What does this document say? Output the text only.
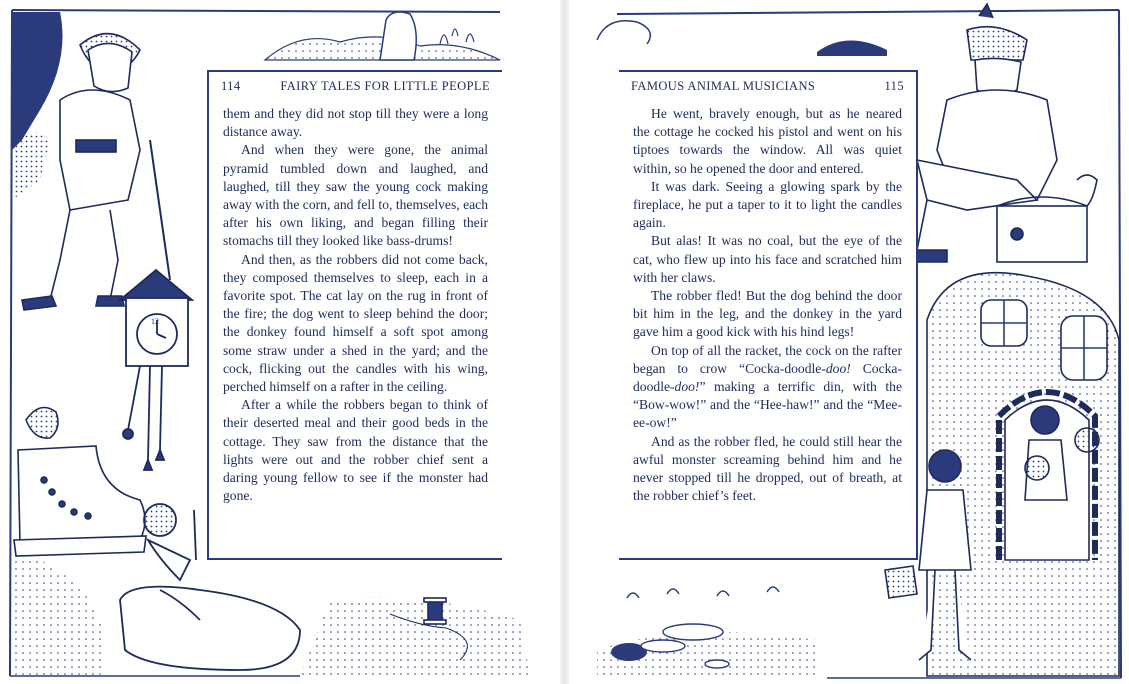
12
114	FAIRY TALES FOR LITTLE PEOPLE

them and they did not stop till they were a long distance away.

And when they were gone, the animal pyramid tumbled down and laughed, and laughed, till they saw the young cock making away with the corn, and fell to, themselves, each after his own liking, and began filling their stomachs till they looked like bass-drums!

And then, as the robbers did not come back, they composed themselves to sleep, each in a favorite spot. The cat lay on the rug in front of the fire; the dog went to sleep behind the door; the donkey found himself a soft spot among some straw under a shed in the yard; and the cock, flicking out the candles with his wing, perched himself on a rafter in the ceiling.

After a while the robbers began to think of their deserted meal and their good beds in the cottage. They saw from the distance that the lights were out and the robber chief sent a daring young fellow to see if the monster had gone.

FAMOUS ANIMAL MUSICIANS	115

He went, bravely enough, but as he neared the cottage he cocked his pistol and went on his tiptoes towards the window. All was quiet within, so he opened the door and entered.

It was dark. Seeing a glowing spark by the fireplace, he put a taper to it to light the candles again.

But alas! It was no coal, but the eye of the cat, who flew up into his face and scratched him with her claws.

The robber fled! But the dog behind the door bit him in the leg, and the donkey in the yard gave him a good kick with his hind legs!

On top of all the racket, the cock on the rafter began to crow “Cocka-doodle-doo! Cocka-doodle-doo!” making a terrific din, with the “Bow-wow!” and the “Hee-haw!” and the “Mee-ee-ow!”

And as the robber fled, he could still hear the awful monster screaming behind him and he never stopped till he dropped, out of breath, at the robber chief’s feet.
